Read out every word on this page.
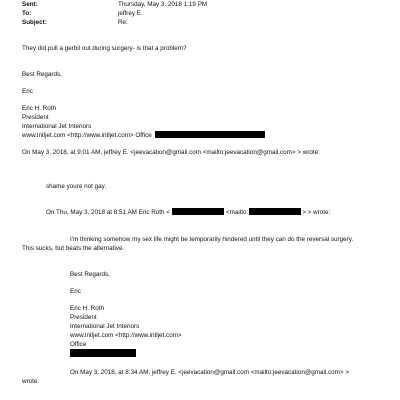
Sent:	Thursday, May 3, 2018 1:19 PM
To:	jeffrey E.
Subject:	Re:
They did pull a gerbil out during surgery- is that a problem?
Best Regards,
Eric
Eric H. Roth
President
International Jet Interiors
www.intljet.com <http://www.intljet.com> Office
On May 3, 2018, at 9:01 AM, jeffrey E. <jeevacation@gmail.com <mailto:jeevacation@gmail.com> > wrote:
shame youre not gay.
On Thu, May 3, 2018 at 8:51 AM Eric Roth <	<mailto:	> > wrote:
I'm thinking somehow my sex life might be temporarily hindered until they can do the reversal surgery.
This sucks, but beats the alternative.
Best Regards,
Eric
Eric H. Roth
President
International Jet Interiors
www.intljet.com <http://www.intljet.com>
Office
On May 3, 2018, at 8:34 AM, jeffrey E. <jeevacation@gmail.com <mailto:jeevacation@gmail.com> >
wrote:
